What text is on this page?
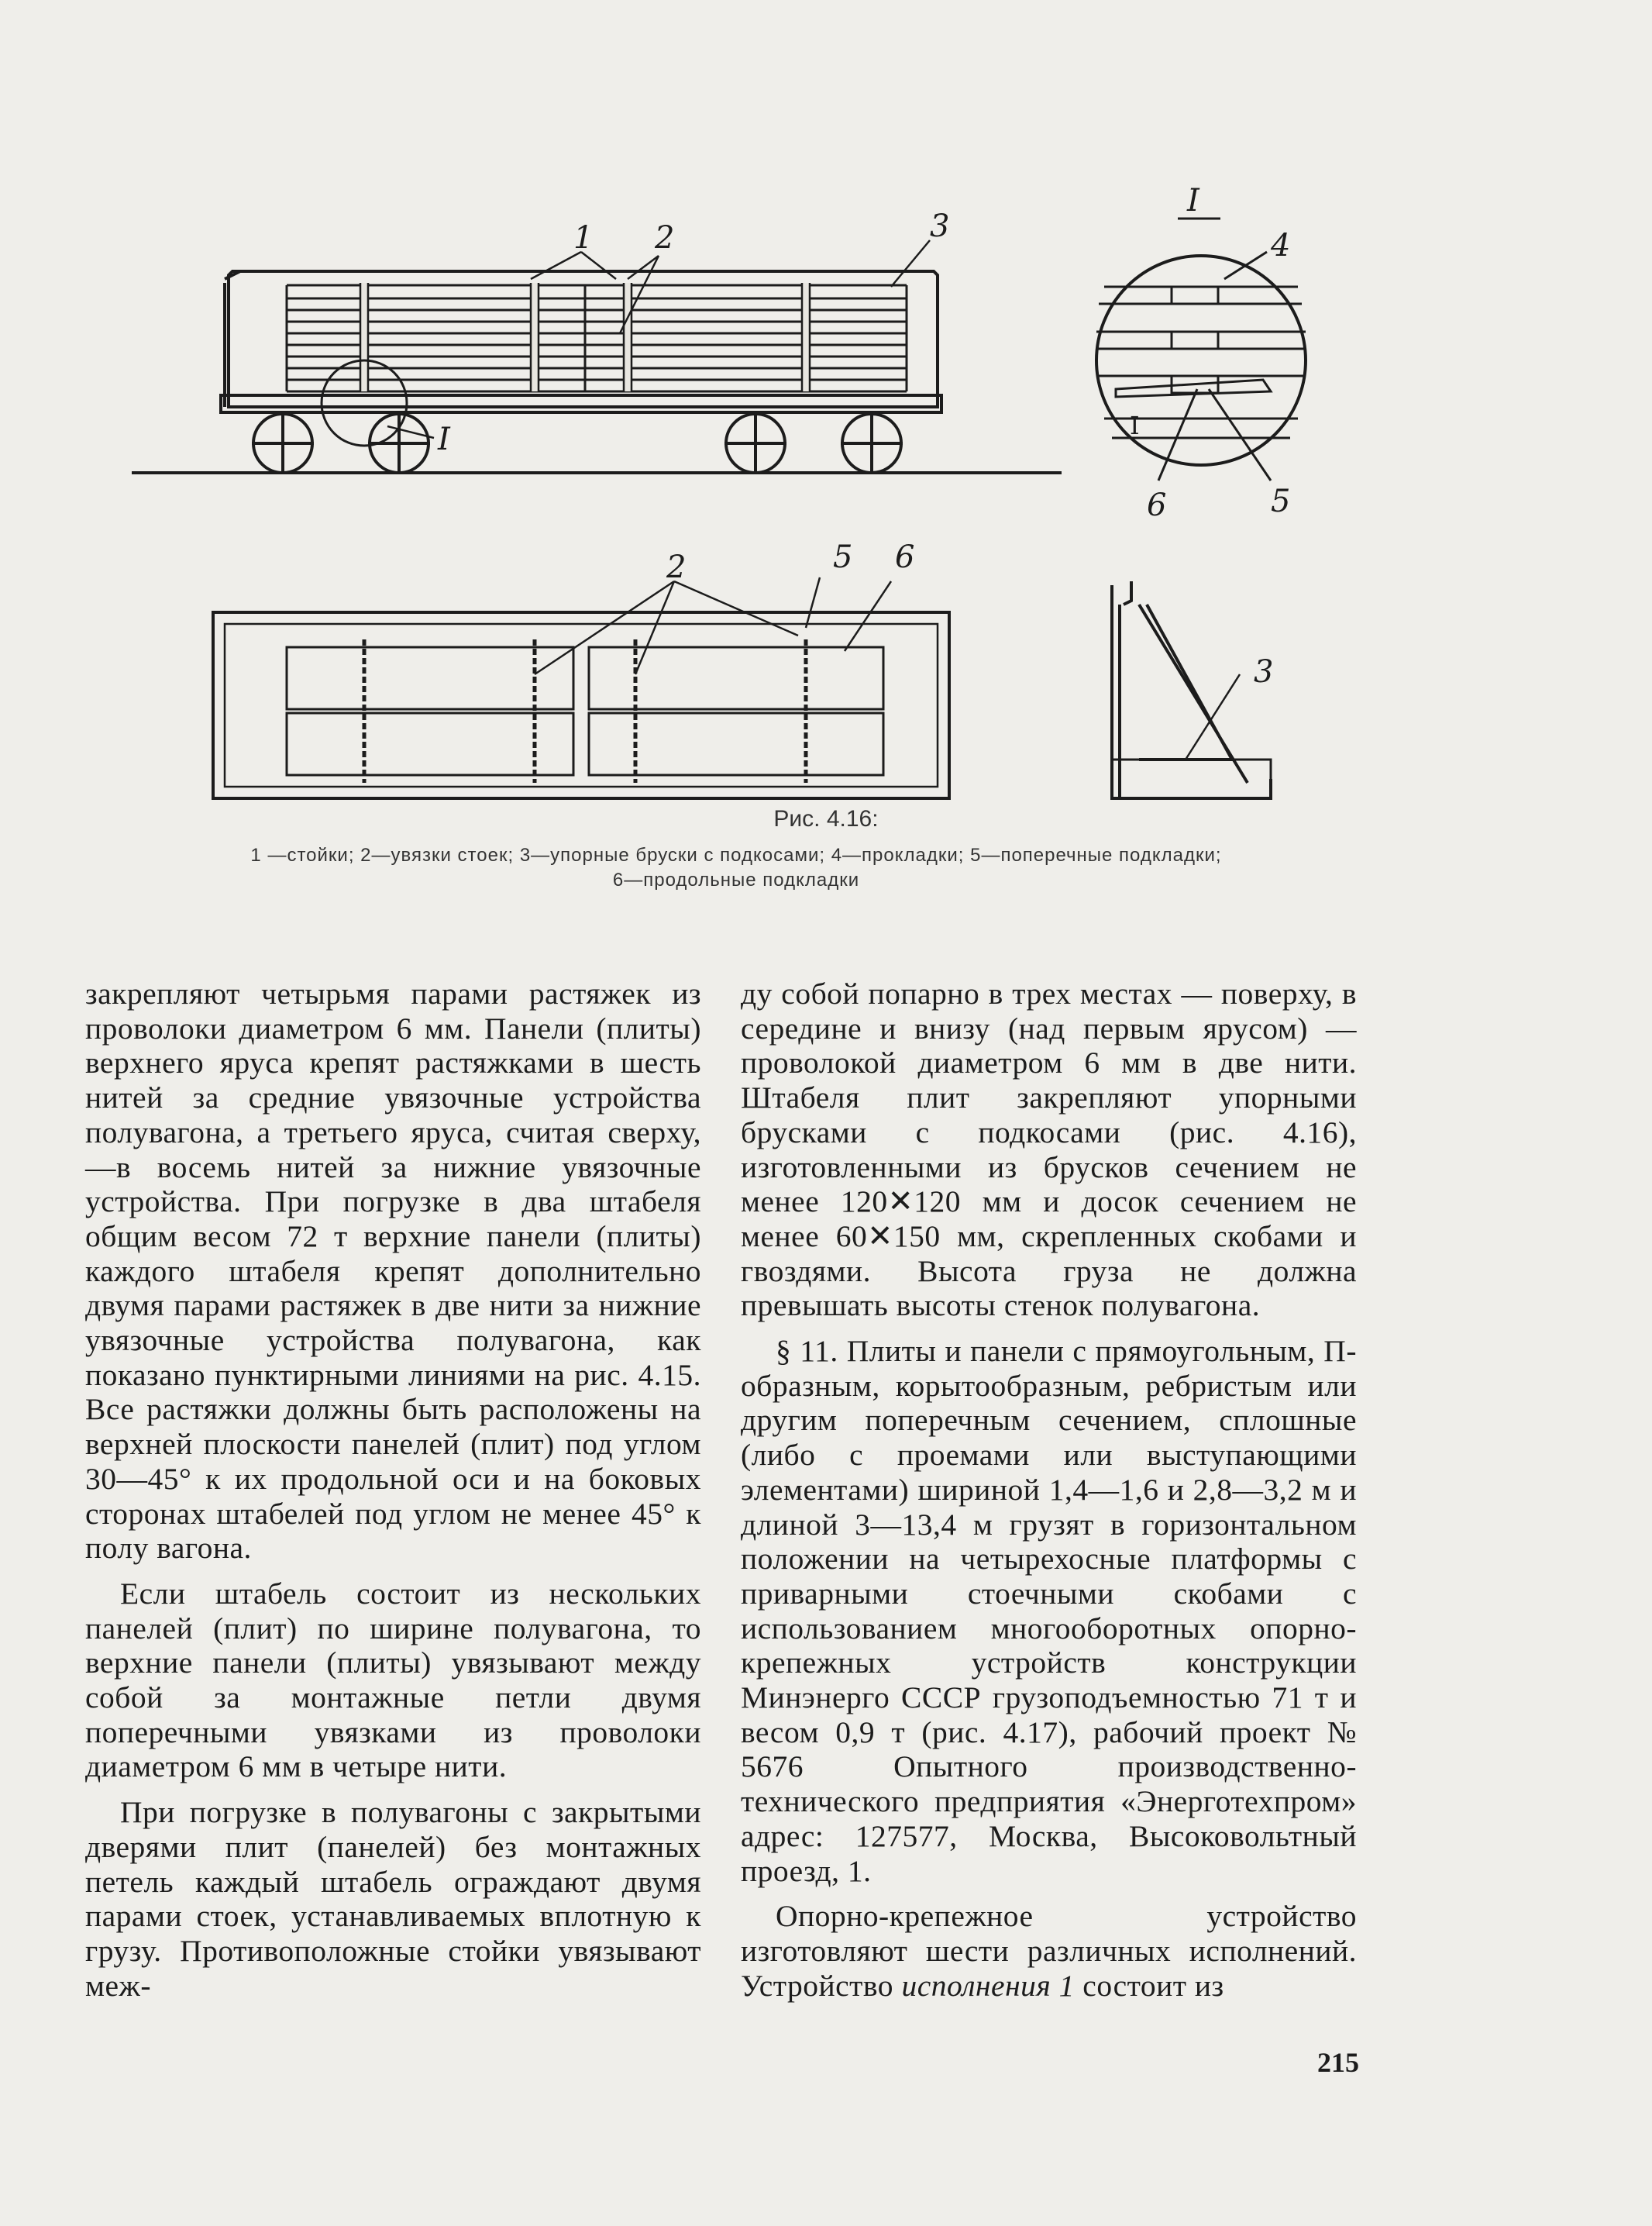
1 2	3
I
I
4
5
6
I
2	5 6
3
Рис. 4.16:
1 —стойки; 2—увязки стоек; 3—упорные бруски с подкосами; 4—прокладки; 5—поперечные подкладки;
6—продольные подкладки

закрепляют четырьмя парами растяжек из проволоки диаметром 6 мм. Панели (плиты) верхнего яруса крепят растяжками в шесть нитей за средние увязочные устройства полувагона, а третьего яруса, считая сверху,—в восемь нитей за нижние увязочные устройства. При погрузке в два штабеля общим весом 72 т верхние панели (плиты) каждого штабеля крепят дополнительно двумя парами растяжек в две нити за нижние увязочные устройства полувагона, как показано пунктирными линиями на рис. 4.15. Все растяжки должны быть расположены на верхней плоскости панелей (плит) под углом 30—45° к их продольной оси и на боковых сторонах штабелей под углом не менее 45° к полу вагона.

Если штабель состоит из нескольких панелей (плит) по ширине полувагона, то верхние панели (плиты) увязывают между собой за монтажные петли двумя поперечными увязками из проволоки диаметром 6 мм в четыре нити.

При погрузке в полувагоны с закрытыми дверями плит (панелей) без монтажных петель каждый штабель ограждают двумя парами стоек, устанавливаемых вплотную к грузу. Противоположные стойки увязывают меж-

ду собой попарно в трех местах — поверху, в середине и внизу (над первым ярусом) — проволокой диаметром 6 мм в две нити. Штабеля плит закрепляют упорными брусками с подкосами (рис. 4.16), изготовленными из брусков сечением не менее 120✕120 мм и досок сечением не менее 60✕150 мм, скрепленных скобами и гвоздями. Высота груза не должна превышать высоты стенок полувагона.

§ 11. Плиты и панели с прямоугольным, П-образным, корытообразным, ребристым или другим поперечным сечением, сплошные (либо с проемами или выступающими элементами) шириной 1,4—1,6 и 2,8—3,2 м и длиной 3—13,4 м грузят в горизонтальном положении на четырехосные платформы с приварными стоечными скобами с использованием многооборотных опорно-крепежных устройств конструкции Минэнерго СССР грузоподъемностью 71 т и весом 0,9 т (рис. 4.17), рабочий проект № 5676 Опытного производственно-технического предприятия «Энерготехпром» адрес: 127577, Москва, Высоковольтный проезд, 1.

Опорно-крепежное устройство изготовляют шести различных исполнений. Устройство исполнения 1 состоит из

215
